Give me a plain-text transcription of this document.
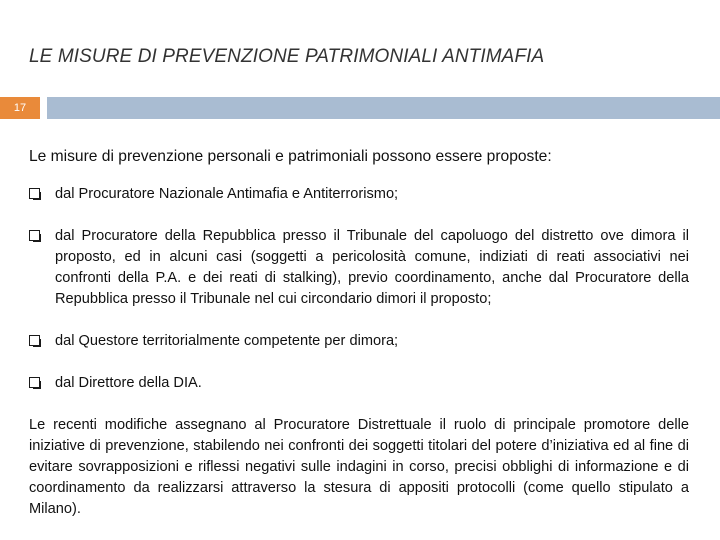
LE MISURE DI PREVENZIONE PATRIMONIALI ANTIMAFIA
17

Le misure di prevenzione personali e patrimoniali possono essere proposte:

dal Procuratore Nazionale Antimafia e Antiterrorismo;
dal Procuratore della Repubblica presso il Tribunale del capoluogo del distretto ove dimora il proposto, ed in alcuni casi (soggetti a pericolosità comune, indiziati di reati associativi nei confronti della P.A. e dei reati di stalking), previo coordinamento, anche dal Procuratore della Repubblica presso il Tribunale nel cui circondario dimori il proposto;
dal Questore territorialmente competente per dimora;
dal Direttore della DIA.

Le recenti modifiche assegnano al Procuratore Distrettuale il ruolo di principale promotore delle iniziative di prevenzione, stabilendo nei confronti dei soggetti titolari del potere d’iniziativa ed al fine di evitare sovrapposizioni e riflessi negativi sulle indagini in corso, precisi obblighi di informazione e di coordinamento da realizzarsi attraverso la stesura di appositi protocolli (come quello stipulato a Milano).
